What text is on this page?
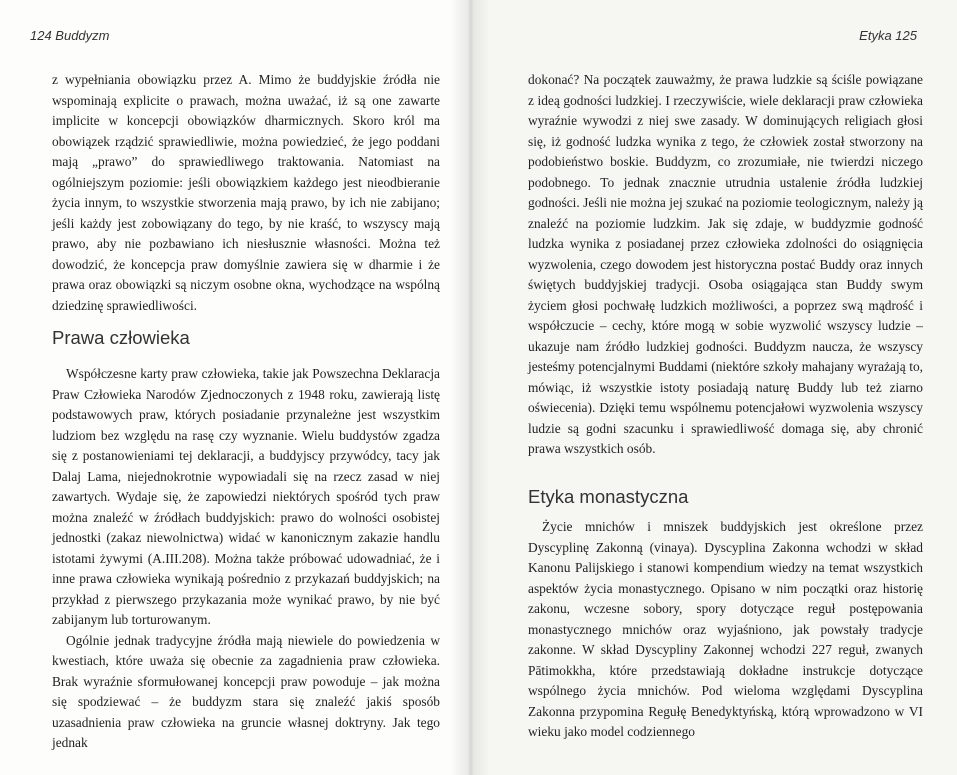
124 Buddyzm

z wypełniania obowiązku przez A. Mimo że buddyjskie źródła nie wspominają explicite o prawach, można uważać, iż są one zawarte implicite w koncepcji obowiązków dharmicznych. Skoro król ma obowiązek rządzić sprawiedliwie, można powiedzieć, że jego poddani mają „prawo” do sprawiedliwego traktowania. Natomiast na ogólniejszym poziomie: jeśli obowiązkiem każdego jest nieodbieranie życia innym, to wszystkie stworzenia mają prawo, by ich nie zabijano; jeśli każdy jest zobowiązany do tego, by nie kraść, to wszyscy mają prawo, aby nie pozbawiano ich niesłusznie własności. Można też dowodzić, że koncepcja praw domyślnie zawiera się w dharmie i że prawa oraz obowiązki są niczym osobne okna, wychodzące na wspólną dziedzinę sprawiedliwości.

Prawa człowieka

Współczesne karty praw człowieka, takie jak Powszechna Deklaracja Praw Człowieka Narodów Zjednoczonych z 1948 roku, zawierają listę podstawowych praw, których posiadanie przynależne jest wszystkim ludziom bez względu na rasę czy wyznanie. Wielu buddystów zgadza się z postanowieniami tej deklaracji, a buddyjscy przywódcy, tacy jak Dalaj Lama, niejednokrotnie wypowiadali się na rzecz zasad w niej zawartych. Wydaje się, że zapowiedzi niektórych spośród tych praw można znaleźć w źródłach buddyjskich: prawo do wolności osobistej jednostki (zakaz niewolnictwa) widać w kanonicznym zakazie handlu istotami żywymi (A.III.208). Można także próbować udowadniać, że i inne prawa człowieka wynikają pośrednio z przykazań buddyjskich; na przykład z pierwszego przykazania może wynikać prawo, by nie być zabijanym lub torturowanym.

Ogólnie jednak tradycyjne źródła mają niewiele do powiedzenia w kwestiach, które uważa się obecnie za zagadnienia praw człowieka. Brak wyraźnie sformułowanej koncepcji praw powoduje – jak można się spodziewać – że buddyzm stara się znaleźć jakiś sposób uzasadnienia praw człowieka na gruncie własnej doktryny. Jak tego jednak

Etyka 125

dokonać? Na początek zauważmy, że prawa ludzkie są ściśle powiązane z ideą godności ludzkiej. I rzeczywiście, wiele deklaracji praw człowieka wyraźnie wywodzi z niej swe zasady. W dominujących religiach głosi się, iż godność ludzka wynika z tego, że człowiek został stworzony na podobieństwo boskie. Buddyzm, co zrozumiałe, nie twierdzi niczego podobnego. To jednak znacznie utrudnia ustalenie źródła ludzkiej godności. Jeśli nie można jej szukać na poziomie teologicznym, należy ją znaleźć na poziomie ludzkim. Jak się zdaje, w buddyzmie godność ludzka wynika z posiadanej przez człowieka zdolności do osiągnięcia wyzwolenia, czego dowodem jest historyczna postać Buddy oraz innych świętych buddyjskiej tradycji. Osoba osiągająca stan Buddy swym życiem głosi pochwałę ludzkich możliwości, a poprzez swą mądrość i współczucie – cechy, które mogą w sobie wyzwolić wszyscy ludzie – ukazuje nam źródło ludzkiej godności. Buddyzm naucza, że wszyscy jesteśmy potencjalnymi Buddami (niektóre szkoły mahajany wyrażają to, mówiąc, iż wszystkie istoty posiadają naturę Buddy lub też ziarno oświecenia). Dzięki temu wspólnemu potencjałowi wyzwolenia wszyscy ludzie są godni szacunku i sprawiedliwość domaga się, aby chronić prawa wszystkich osób.

Etyka monastyczna

Życie mnichów i mniszek buddyjskich jest określone przez Dyscyplinę Zakonną (vinaya). Dyscyplina Zakonna wchodzi w skład Kanonu Palijskiego i stanowi kompendium wiedzy na temat wszystkich aspektów życia monastycznego. Opisano w nim początki oraz historię zakonu, wczesne sobory, spory dotyczące reguł postępowania monastycznego mnichów oraz wyjaśniono, jak powstały tradycje zakonne. W skład Dyscypliny Zakonnej wchodzi 227 reguł, zwanych Pātimokkha, które przedstawiają dokładne instrukcje dotyczące wspólnego życia mnichów. Pod wieloma względami Dyscyplina Zakonna przypomina Regułę Benedyktyńską, którą wprowadzono w VI wieku jako model codziennego
